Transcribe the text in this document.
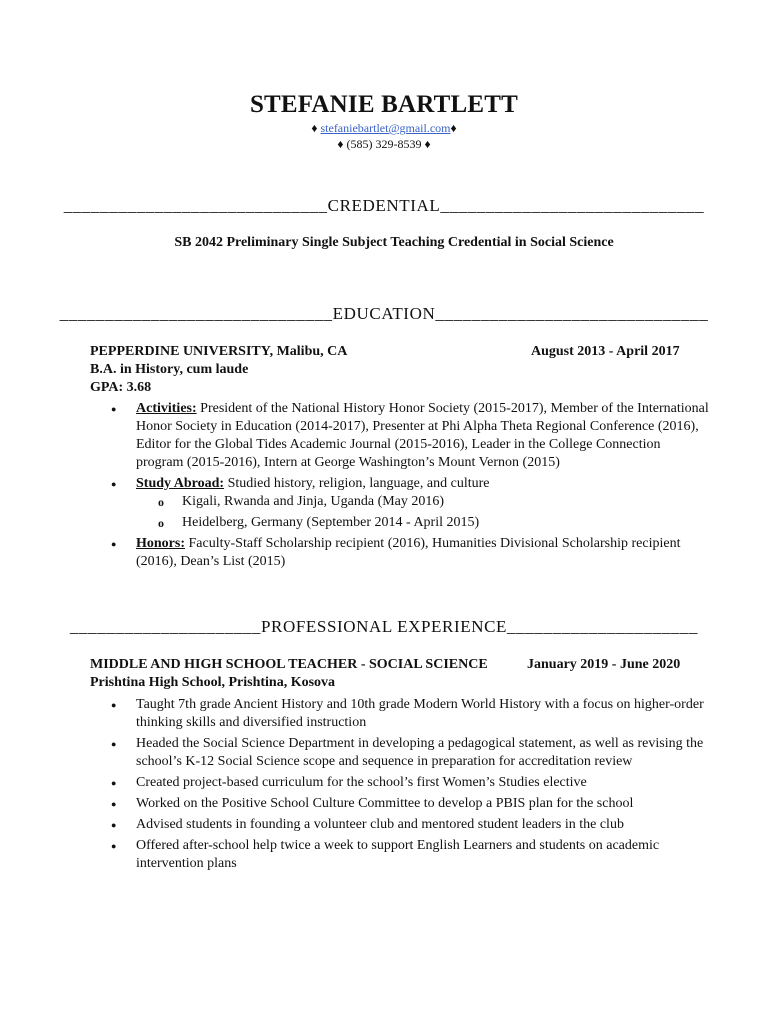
STEFANIE BARTLETT
♦ stefaniebartlet@gmail.com♦
♦ (585) 329-8539 ♦
_____________________________CREDENTIAL_____________________________
SB 2042 Preliminary Single Subject Teaching Credential in Social Science
______________________________EDUCATION______________________________
PEPPERDINE UNIVERSITY, Malibu, CA	August 2013 - April 2017
B.A. in History, cum laude
GPA: 3.68
● Activities: President of the National History Honor Society (2015-2017), Member of the International Honor Society in Education (2014-2017), Presenter at Phi Alpha Theta Regional Conference (2016), Editor for the Global Tides Academic Journal (2015-2016), Leader in the College Connection program (2015-2016), Intern at George Washington’s Mount Vernon (2015)
● Study Abroad: Studied history, religion, language, and culture
o Kigali, Rwanda and Jinja, Uganda (May 2016)
o Heidelberg, Germany (September 2014 - April 2015)
● Honors: Faculty-Staff Scholarship recipient (2016), Humanities Divisional Scholarship recipient (2016), Dean’s List (2015)
_____________________PROFESSIONAL EXPERIENCE_____________________
MIDDLE AND HIGH SCHOOL TEACHER - SOCIAL SCIENCE	January 2019 - June 2020
Prishtina High School, Prishtina, Kosova
● Taught 7th grade Ancient History and 10th grade Modern World History with a focus on higher-order thinking skills and diversified instruction
● Headed the Social Science Department in developing a pedagogical statement, as well as revising the school’s K-12 Social Science scope and sequence in preparation for accreditation review
● Created project-based curriculum for the school’s first Women’s Studies elective
● Worked on the Positive School Culture Committee to develop a PBIS plan for the school
● Advised students in founding a volunteer club and mentored student leaders in the club
● Offered after-school help twice a week to support English Learners and students on academic intervention plans
